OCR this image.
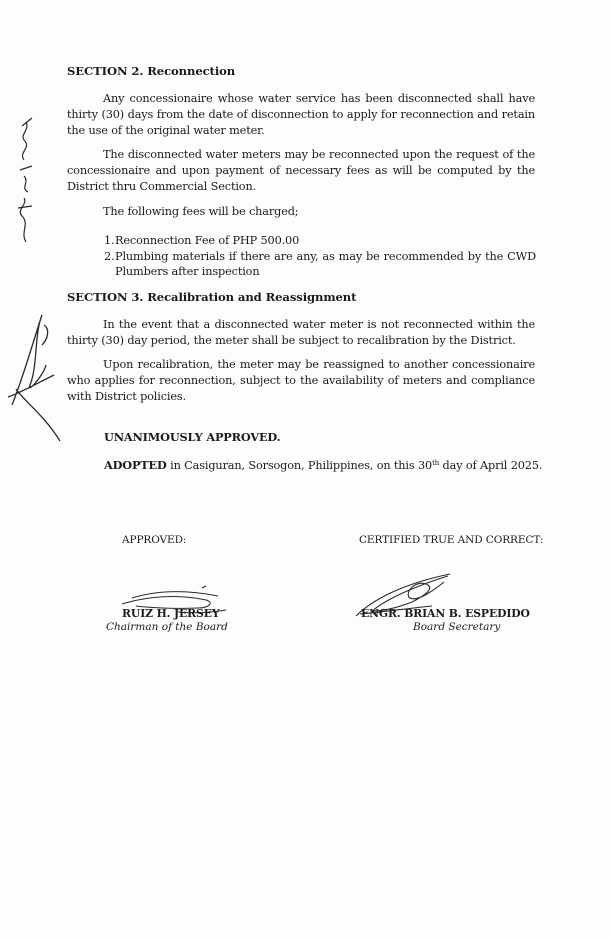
SECTION 2. Reconnection
Any concessionaire whose water service has been disconnected shall have thirty (30) days from the date of disconnection to apply for reconnection and retain the use of the original water meter.
The disconnected water meters may be reconnected upon the request of the concessionaire and upon payment of necessary fees as will be computed by the District thru Commercial Section.
The following fees will be charged;
1. Reconnection Fee of PHP 500.00
2. Plumbing materials if there are any, as may be recommended by the CWD Plumbers after inspection
SECTION 3. Recalibration and Reassignment
In the event that a disconnected water meter is not reconnected within the thirty (30) day period, the meter shall be subject to recalibration by the District.
Upon recalibration, the meter may be reassigned to another concessionaire who applies for reconnection, subject to the availability of meters and compliance with District policies.
UNANIMOUSLY APPROVED.
ADOPTED in Casiguran, Sorsogon, Philippines, on this 30th day of April 2025.
APPROVED:
RUIZ H. JERSEY
Chairman of the Board
CERTIFIED TRUE AND CORRECT:
ENGR. BRIAN B. ESPEDIDO
Board Secretary
